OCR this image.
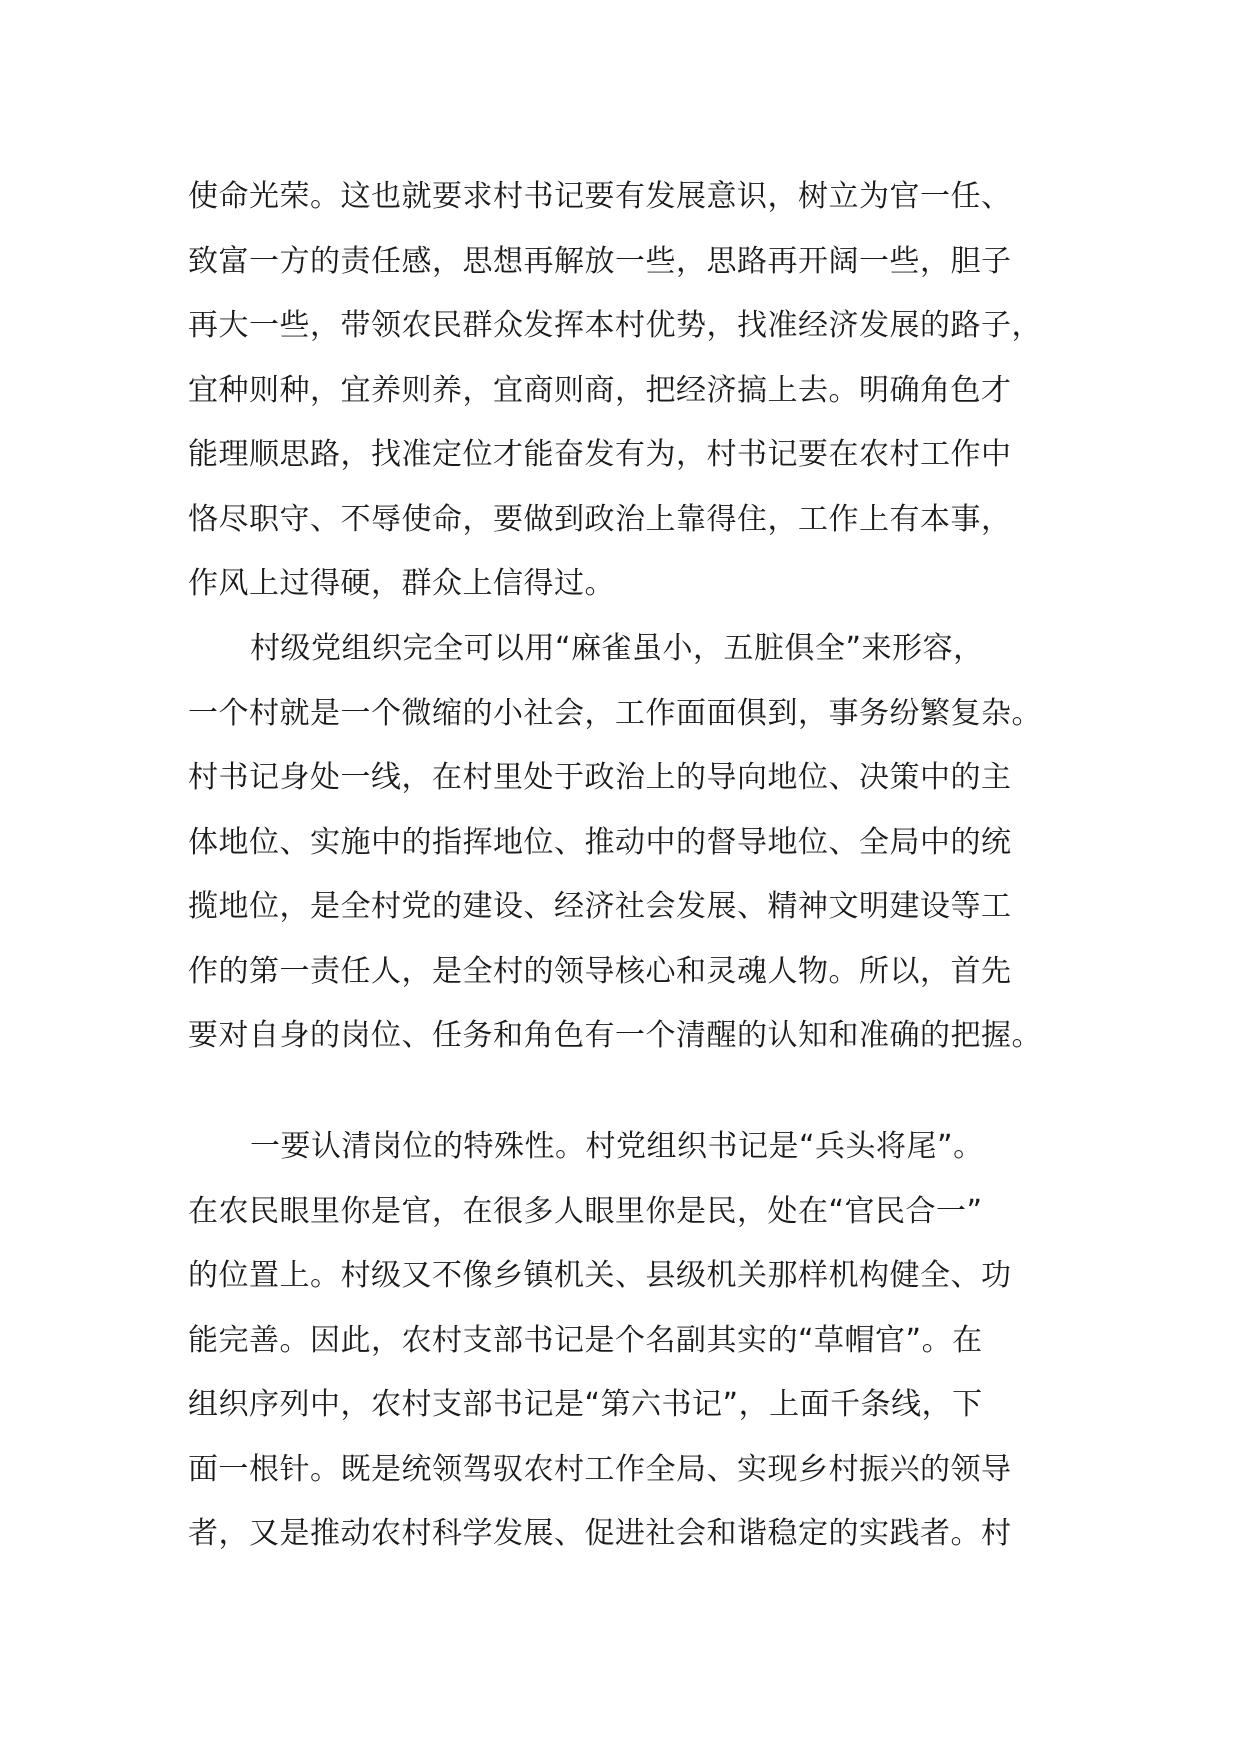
使命光荣。这也就要求村书记要有发展意识，树立为官一任、
致富一方的责任感，思想再解放一些，思路再开阔一些，胆子
再大一些，带领农民群众发挥本村优势，找准经济发展的路子，
宜种则种，宜养则养，宜商则商，把经济搞上去。明确角色才
能理顺思路，找准定位才能奋发有为，村书记要在农村工作中
恪尽职守、不辱使命，要做到政治上靠得住，工作上有本事，
作风上过得硬，群众上信得过。
村级党组织完全可以用“麻雀虽小，五脏俱全”来形容，
一个村就是一个微缩的小社会，工作面面俱到，事务纷繁复杂。
村书记身处一线，在村里处于政治上的导向地位、决策中的主
体地位、实施中的指挥地位、推动中的督导地位、全局中的统
揽地位，是全村党的建设、经济社会发展、精神文明建设等工
作的第一责任人，是全村的领导核心和灵魂人物。所以，首先
要对自身的岗位、任务和角色有一个清醒的认知和准确的把握。
一要认清岗位的特殊性。村党组织书记是“兵头将尾”。
在农民眼里你是官，在很多人眼里你是民，处在“官民合一”
的位置上。村级又不像乡镇机关、县级机关那样机构健全、功
能完善。因此，农村支部书记是个名副其实的“草帽官”。在
组织序列中，农村支部书记是“第六书记”，上面千条线，下
面一根针。既是统领驾驭农村工作全局、实现乡村振兴的领导
者，又是推动农村科学发展、促进社会和谐稳定的实践者。村
